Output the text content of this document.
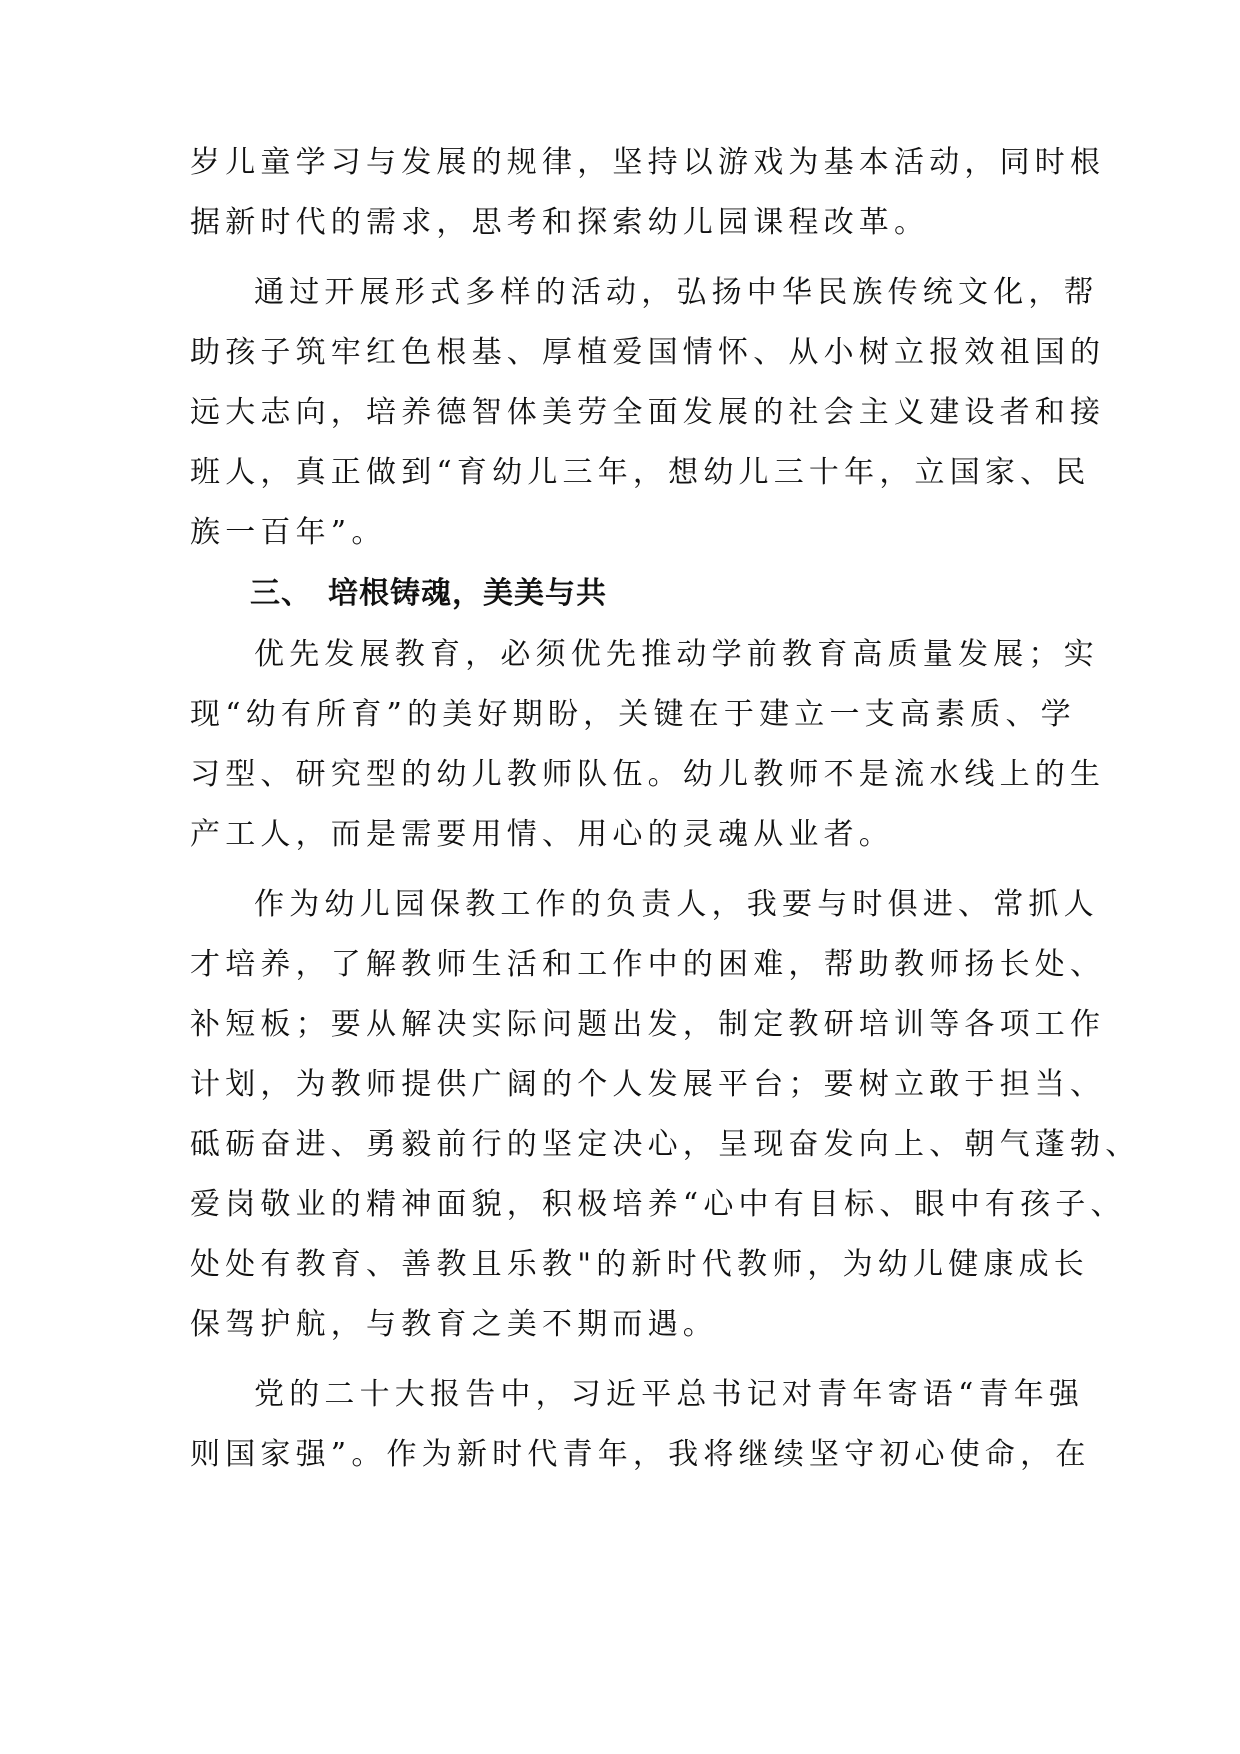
岁儿童学习与发展的规律，坚持以游戏为基本活动，同时根
据新时代的需求，思考和探索幼儿园课程改革。
通过开展形式多样的活动，弘扬中华民族传统文化，帮
助孩子筑牢红色根基、厚植爱国情怀、从小树立报效祖国的
远大志向，培养德智体美劳全面发展的社会主义建设者和接
班人，真正做到“育幼儿三年，想幼儿三十年，立国家、民
族一百年”。
三、 培根铸魂，美美与共
优先发展教育，必须优先推动学前教育高质量发展；实
现“幼有所育”的美好期盼，关键在于建立一支高素质、学
习型、研究型的幼儿教师队伍。幼儿教师不是流水线上的生
产工人，而是需要用情、用心的灵魂从业者。
作为幼儿园保教工作的负责人，我要与时俱进、常抓人
才培养，了解教师生活和工作中的困难，帮助教师扬长处、
补短板；要从解决实际问题出发，制定教研培训等各项工作
计划，为教师提供广阔的个人发展平台；要树立敢于担当、
砥砺奋进、勇毅前行的坚定决心，呈现奋发向上、朝气蓬勃、
爱岗敬业的精神面貌，积极培养“心中有目标、眼中有孩子、
处处有教育、善教且乐教"的新时代教师，为幼儿健康成长
保驾护航，与教育之美不期而遇。
党的二十大报告中，习近平总书记对青年寄语“青年强
则国家强”。作为新时代青年，我将继续坚守初心使命，在
